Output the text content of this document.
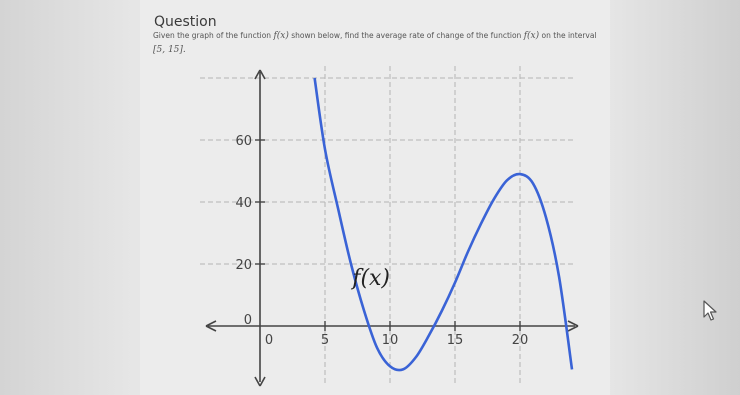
Question
Given the graph of the function f(x) shown below, find the average rate of change of the function f(x) on the interval
[5, 15].
0
20
40
60
0	5	10	15	20
f(x)
